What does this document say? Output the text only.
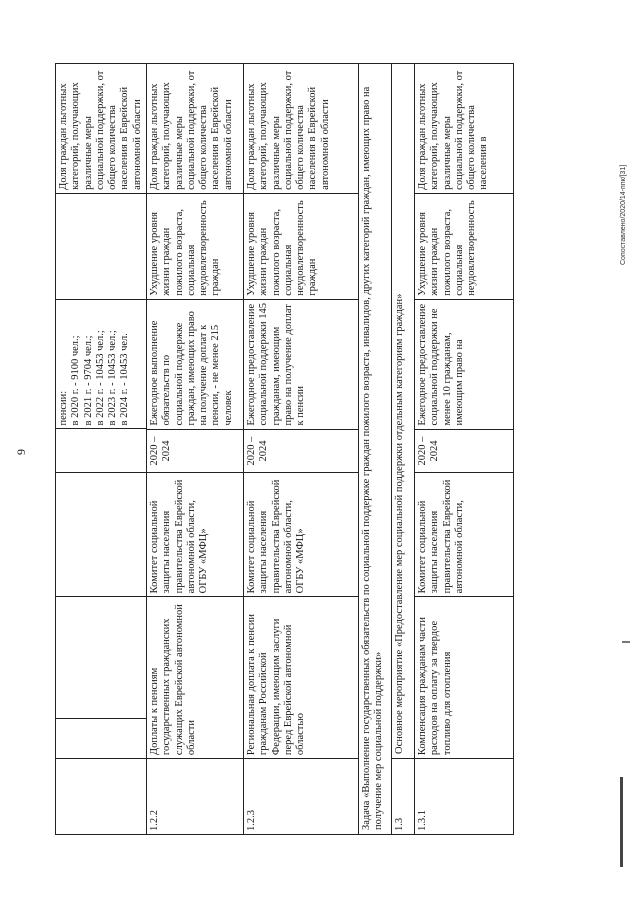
9
пенсии: в 2020 г. - 9100 чел.; в 2021 г. - 9704 чел.; в 2022 г. - 10453 чел.; в 2023 г. - 10453 чел.; в 2024 г. - 10453 чел.
Доля граждан льготных категорий, получающих различные меры социальной поддержки, от общего количества населения в Еврейской автономной области
1.2.2
Доплаты к пенсиям государственных гражданских служащих Еврейской автономной области
Комитет социальной защиты населения правительства Еврейской автономной области, ОГБУ «МФЦ»
2020 – 2024
Ежегодное выполнение обязательств по социальной поддержке граждан, имеющих право на получение доплат к пенсии, - не менее 215 человек
Ухудшение уровня жизни граждан пожилого возраста, социальная неудовлетворенность граждан
Доля граждан льготных категорий, получающих различные меры социальной поддержки, от общего количества населения в Еврейской автономной области
1.2.3
Региональная доплата к пенсии гражданам Российской Федерации, имеющим заслуги перед Еврейской автономной областью
Комитет социальной защиты населения правительства Еврейской автономной области, ОГБУ «МФЦ»
2020 – 2024
Ежегодное предоставление социальной поддержки 145 гражданам, имеющим право на получение доплат к пенсии
Ухудшение уровня жизни граждан пожилого возраста, социальная неудовлетворенность граждан
Доля граждан льготных категорий, получающих различные меры социальной поддержки, от общего количества населения в Еврейской автономной области	Задача «Выполнение государственных обязательств по социальной поддержке граждан пожилого возраста, инвалидов, других категорий граждан, имеющих право на получение мер социальной поддержки» 1.3
Основное мероприятие «Предоставление мер социальной поддержки отдельным категориям граждан»
1.3.1
Компенсация гражданам части расходов на оплату за твердое топливо для отопления
Комитет социальной защиты населения правительства Еврейской автономной области,
2020 – 2024
Ежегодное предоставление социальной поддержки не менее 10 гражданам, имеющим право на
Ухудшение уровня жизни граждан пожилого возраста, социальная неудовлетворенность
Доля граждан льготных категорий, получающих различные меры социальной поддержки, от общего количества населения в
Сопоставлено/2020/14-ппк/[31]
